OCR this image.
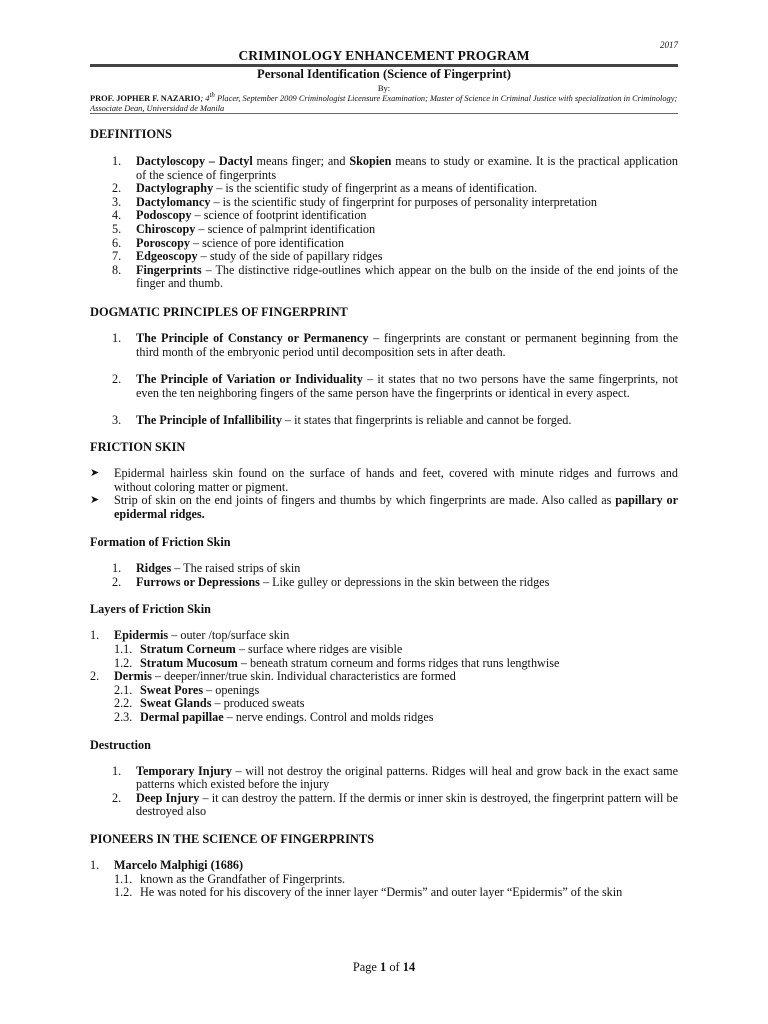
2017
CRIMINOLOGY ENHANCEMENT PROGRAM
Personal Identification (Science of Fingerprint)
By:
PROF. JOPHER F. NAZARIO; 4th Placer, September 2009 Criminologist Licensure Examination; Master of Science in Criminal Justice with specialization in Criminology; Associate Dean, Universidad de Manila
DEFINITIONS
1. Dactyloscopy – Dactyl means finger; and Skopien means to study or examine. It is the practical application of the science of fingerprints

2. Dactylography – is the scientific study of fingerprint as a means of identification.

3. Dactylomancy – is the scientific study of fingerprint for purposes of personality interpretation

4. Podoscopy – science of footprint identification

5. Chiroscopy – science of palmprint identification

6. Poroscopy – science of pore identification

7. Edgeoscopy – study of the side of papillary ridges

8. Fingerprints – The distinctive ridge-outlines which appear on the bulb on the inside of the end joints of the finger and thumb.

DOGMATIC PRINCIPLES OF FINGERPRINT
1. The Principle of Constancy or Permanency – fingerprints are constant or permanent beginning from the third month of the embryonic period until decomposition sets in after death.

2. The Principle of Variation or Individuality – it states that no two persons have the same fingerprints, not even the ten neighboring fingers of the same person have the fingerprints or identical in every aspect.

3. The Principle of Infallibility – it states that fingerprints is reliable and cannot be forged.

FRICTION SKIN
➤ Epidermal hairless skin found on the surface of hands and feet, covered with minute ridges and furrows and without coloring matter or pigment.

➤ Strip of skin on the end joints of fingers and thumbs by which fingerprints are made. Also called as papillary or epidermal ridges.

Formation of Friction Skin
1. Ridges – The raised strips of skin

2. Furrows or Depressions – Like gulley or depressions in the skin between the ridges

Layers of Friction Skin
1. Epidermis – outer /top/surface skin

1.1. Stratum Corneum – surface where ridges are visible

1.2. Stratum Mucosum – beneath stratum corneum and forms ridges that runs lengthwise

2. Dermis – deeper/inner/true skin. Individual characteristics are formed

2.1. Sweat Pores – openings

2.2. Sweat Glands – produced sweats

2.3. Dermal papillae – nerve endings. Control and molds ridges

Destruction
1. Temporary Injury – will not destroy the original patterns. Ridges will heal and grow back in the exact same patterns which existed before the injury

2. Deep Injury – it can destroy the pattern. If the dermis or inner skin is destroyed, the fingerprint pattern will be destroyed also

PIONEERS IN THE SCIENCE OF FINGERPRINTS
1. Marcelo Malphigi (1686)

1.1. known as the Grandfather of Fingerprints.

1.2. He was noted for his discovery of the inner layer “Dermis” and outer layer “Epidermis” of the skin

Page 1 of 14
